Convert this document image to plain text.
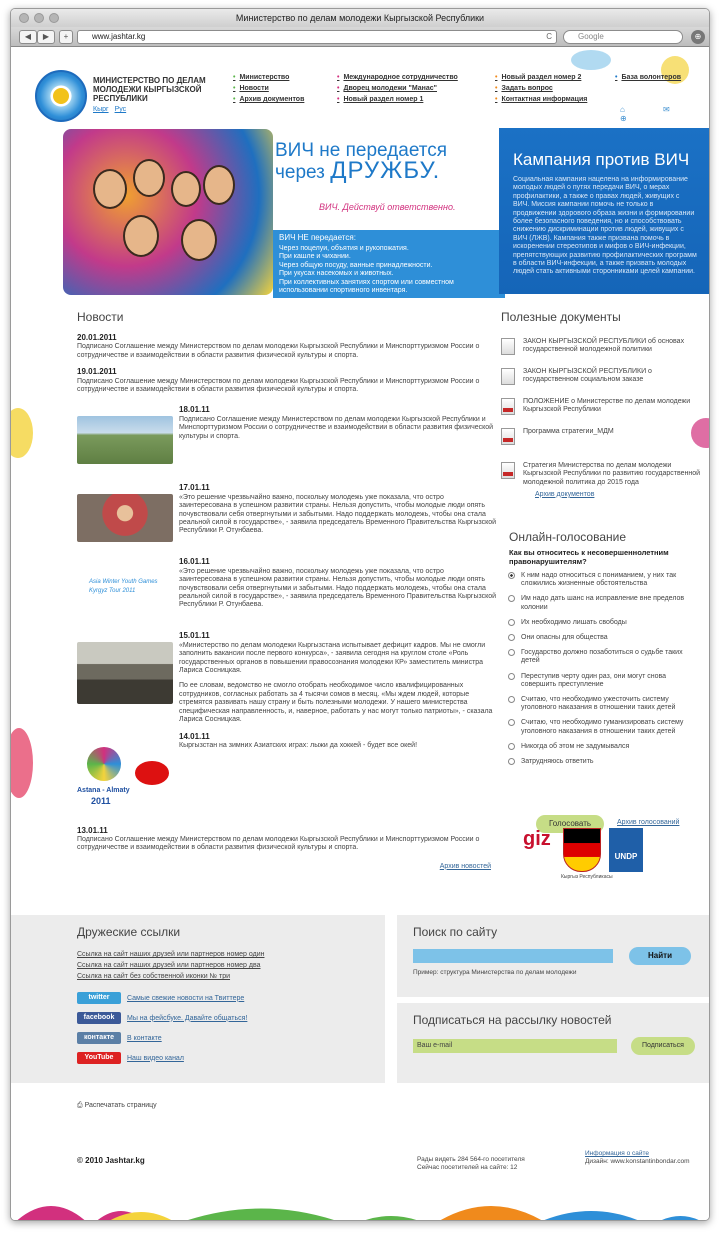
Министерство по делам молодежи Кыргызской Республики
◀	▶	+	www.jashtar.kg	C	Google	⊕
МИНИСТЕРСТВО ПО ДЕЛАМ МОЛОДЕЖИ КЫРГЫЗСКОЙ РЕСПУБЛИКИ
Кырг Рус
• Министерство
• Новости
• Архив документов
• Международное сотрудничество
• Дворец молодежи "Манас"
• Новый раздел номер 1
• Новый раздел номер 2
• Задать вопрос
• Контактная информация
• База волонтеров
⌂ ✉ ⊕
ВИЧ не передается
через ДРУЖБУ.
ВИЧ. Действуй ответственно.
ВИЧ НЕ передается:
Через поцелуи, объятия и рукопожатия.
При кашле и чихании.
Через общую посуду, ванные принадлежности.
При укусах насекомых и животных.
При коллективных занятиях спортом или совместном использовании спортивного инвентаря.
Кампания против ВИЧ

Социальная кампания нацелена на информирование молодых людей о путях передачи ВИЧ, о мерах профилактики, а также о правах людей, живущих с ВИЧ. Миссия кампании помочь не только в продвижении здорового образа жизни и формировании более безопасного поведения, но и способствовать снижению дискриминации против людей, живущих с ВИЧ (ЛЖВ). Кампания также призвана помочь в искоренении стереотипов и мифов о ВИЧ-инфекции, препятствующих развитию профилактических программ в области ВИЧ-инфекции, а также призвать молодых людей стать активными сторонниками целей кампании.

Новости
20.01.2011
Подписано Соглашение между Министерством по делам молодежи Кыргызской Республики и Минспорттуризмом России о сотрудничестве и взаимодействии в области развития физической культуры и спорта.
19.01.2011
Подписано Соглашение между Министерством по делам молодежи Кыргызской Республики и Минспорттуризмом России о сотрудничестве и взаимодействии в области развития физической культуры и спорта.
18.01.11
Подписано Соглашение между Министерством по делам молодежи Кыргызской Республики и Минспорттуризмом России о сотрудничестве и взаимодействии в области развития физической культуры и спорта.
17.01.11
«Это решение чрезвычайно важно, поскольку молодежь уже показала, что остро заинтересована в успешном развитии страны. Нельзя допустить, чтобы молодые люди опять почувствовали себя отвергнутыми и забытыми. Надо поддержать молодежь, чтобы она стала реальной силой в государстве», - заявила председатель Временного Правительства Кыргызской Республики Р. Отунбаева.
Asia Winter Youth Games Kyrgyz Tour 2011
16.01.11
«Это решение чрезвычайно важно, поскольку молодежь уже показала, что остро заинтересована в успешном развитии страны. Нельзя допустить, чтобы молодые люди опять почувствовали себя отвергнутыми и забытыми. Надо поддержать молодежь, чтобы она стала реальной силой в государстве», - заявила председатель Временного Правительства Кыргызской Республики Р. Отунбаева.
15.01.11
«Министерство по делам молодежи Кыргызстана испытывает дефицит кадров. Мы не смогли заполнить вакансии после первого конкурса», - заявила сегодня на круглом столе «Роль государственных органов в повышении правосознания молодежи КР» заместитель министра Лариса Сосницкая.
По ее словам, ведомство не смогло отобрать необходимое число квалифицированных сотрудников, согласных работать за 4 тысячи сомов в месяц. «Мы ждем людей, которые стремятся развивать нашу страну и быть полезными молодежи. У нашего министерства специфическая направленность, и, наверное, работать у нас могут только патриоты», - сказала Лариса Сосницкая.
Astana - Almaty
2011
14.01.11
Кыргызстан на зимних Азиатских играх: лыжи да хоккей - будет все окей!
13.01.11
Подписано Соглашение между Министерством по делам молодежи Кыргызской Республики и Минспорттуризмом России о сотрудничестве и взаимодействии в области развития физической культуры и спорта.
Архив новостей
Полезные документы
ЗАКОН КЫРГЫЗСКОЙ РЕСПУБЛИКИ об основах государственной молодежной политики
ЗАКОН КЫРГЫЗСКОЙ РЕСПУБЛИКИ о государственном социальном заказе
ПОЛОЖЕНИЕ о Министерстве по делам молодежи Кыргызской Республики
Программа стратегии_МДМ
Стратегия Министерства по делам молодежи Кыргызской Республики по развитию государственной молодежной политика до 2015 года
Архив документов
Онлайн-голосование
Как вы относитесь к несовершеннолетним правонарушителям?
К ним надо относиться с пониманием, у них так сложились жизненные обстоятельства
Им надо дать шанс на исправление вне пределов колонии
Их необходимо лишать свободы
Они опасны для общества
Государство должно позаботиться о судьбе таких детей
Переступив черту один раз, они могут снова совершить преступление
Считаю, что необходимо ужесточить систему уголовного наказания в отношении таких детей
Считаю, что необходимо гуманизировать систему уголовного наказания в отношении таких детей
Никогда об этом не задумывался
Затрудняюсь ответить
Голосовать	Архив голосований
giz
Кыргыз Республикасы
UNDP
Дружеские ссылки
Ссылка на сайт наших друзей или партнеров номер один
Ссылка на сайт наших друзей или партнеров номер два
Ссылка на сайт без собственной иконки № три
twitter	Самые свежие новости на Твиттере
facebook	Мы на фейсбуке. Давайте общаться!
контакте	В контакте
YouTube	Наш видео канал
Поиск по сайту
Найти
Пример: структура Министерства по делам молодежи
Подписаться на рассылку новостей
Ваш e-mail	Подписаться
⎙ Распечатать страницу
© 2010 Jashtar.kg	Рады видеть 284 564-го посетителя
Сейчас посетителей на сайте: 12
Информация о сайте
Дизайн: www.konstantinbondar.com
